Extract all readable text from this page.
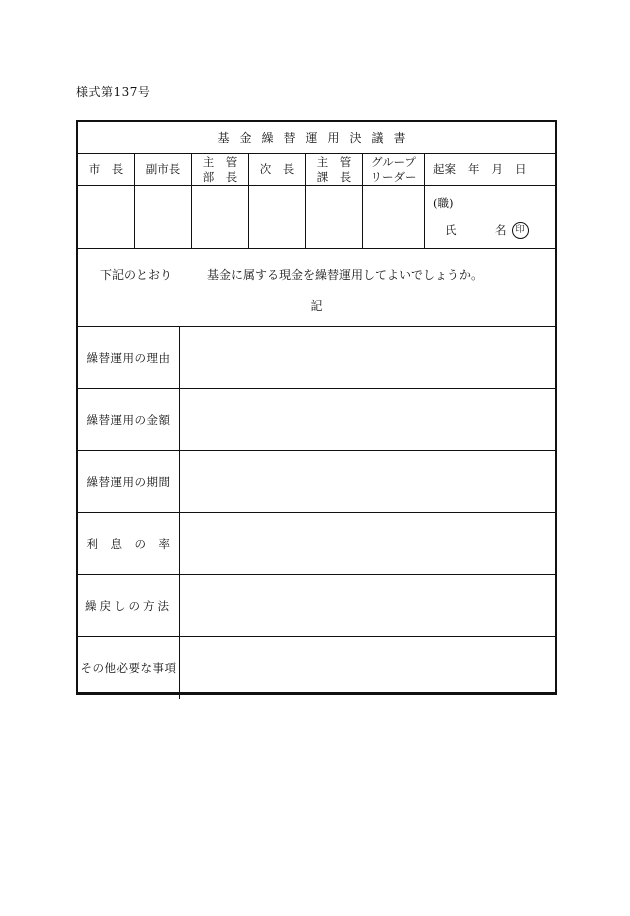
様式第137号
基金繰替運用決議書
市　長 副市長
主　管
部　長
次　長
主　管
課　長
グループ
リーダー
起案 年 月 日
(職)
氏	名 印
下記のとおり	基金に属する現金を繰替運用してよいでしょうか。
記
繰替運用の理由
繰替運用の金額
繰替運用の期間
利　息　の　率
繰戻しの方法
その他必要な事項
